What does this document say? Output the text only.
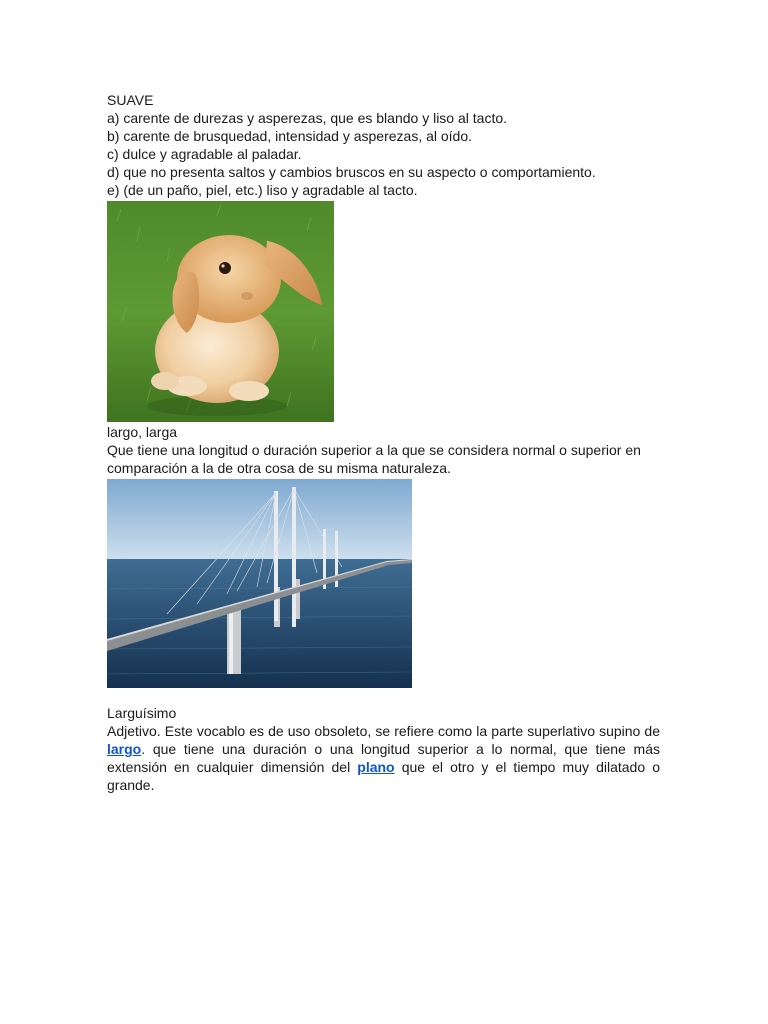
SUAVE
a) carente de durezas y asperezas, que es blando y liso al tacto.
b) carente de brusquedad, intensidad y asperezas, al oído.
c) dulce y agradable al paladar.
d) que no presenta saltos y cambios bruscos en su aspecto o comportamiento.
e) (de un paño, piel, etc.) liso y agradable al tacto.
largo, larga
Que tiene una longitud o duración superior a la que se considera normal o superior en comparación a la de otra cosa de su misma naturaleza.
Larguísimo
Adjetivo. Este vocablo es de uso obsoleto, se refiere como la parte superlativo supino de largo. que tiene una duración o una longitud superior a lo normal, que tiene más extensión en cualquier dimensión del plano que el otro y el tiempo muy dilatado o grande.
